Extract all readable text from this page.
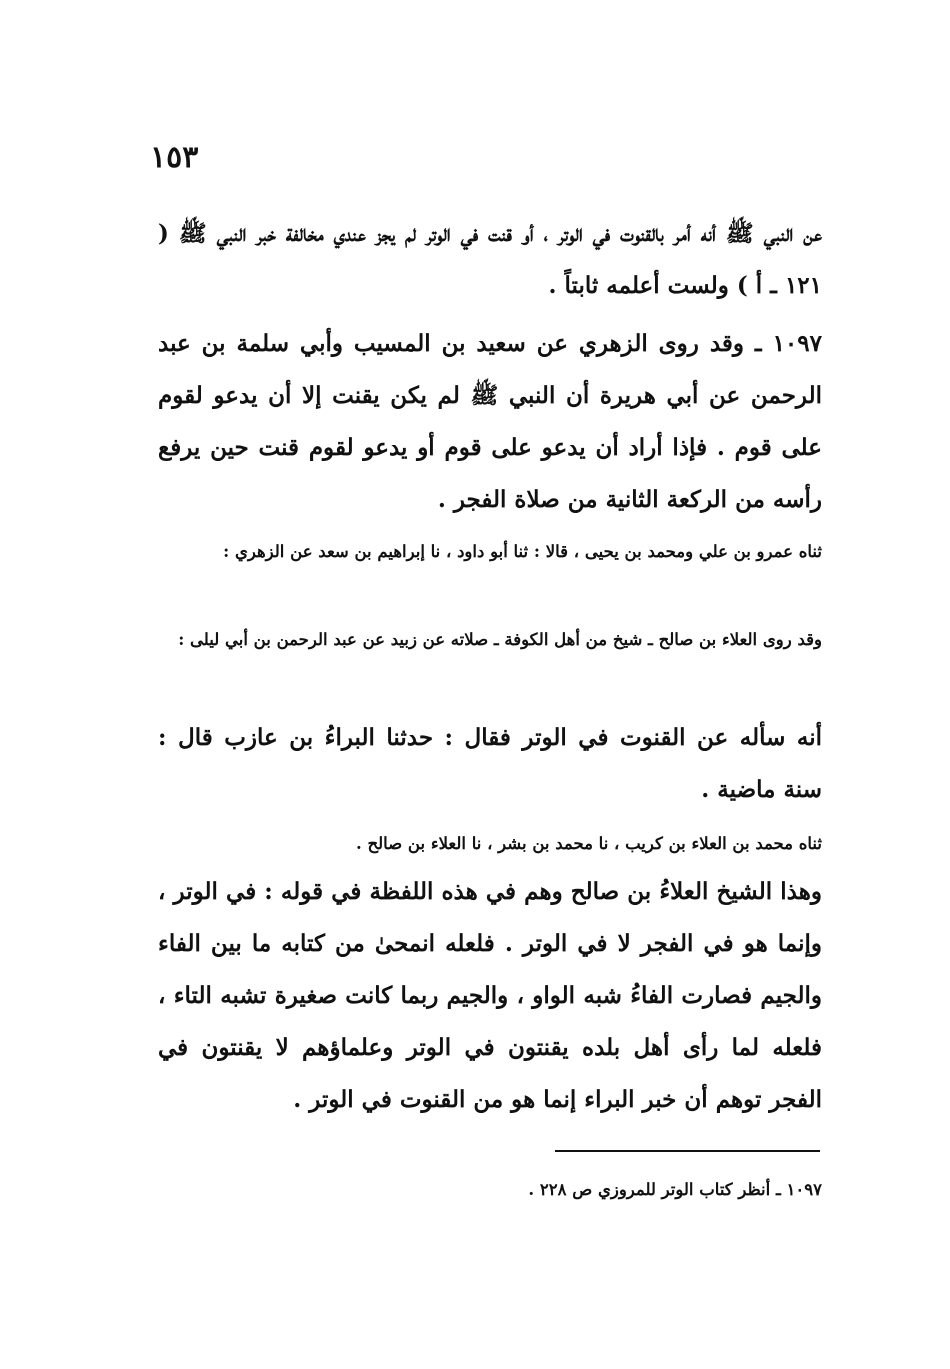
١٥٣

عن النبي ﷺ أنه أمر بالقنوت في الوتر ، أو قنت في الوتر لم يجز عندي مخالفة خبر النبي ﷺ ( ١٢١ ـ أ ) ولست أعلمه ثابتاً .

١٠٩٧ ـ وقد روى الزهري عن سعيد بن المسيب وأبي سلمة بن عبد الرحمن عن أبي هريرة أن النبي ﷺ لم يكن يقنت إلا أن يدعو لقوم على قوم . فإذا أراد أن يدعو على قوم أو يدعو لقوم قنت حين يرفع رأسه من الركعة الثانية من صلاة الفجر .

ثناه عمرو بن علي ومحمد بن يحيى ، قالا : ثنا أبو داود ، نا إبراهيم بن سعد عن الزهري :

وقد روى العلاء بن صالح ـ شيخ من أهل الكوفة ـ صلاته عن زبيد عن عبد الرحمن بن أبي ليلى :

أنه سأله عن القنوت في الوتر فقال : حدثنا البراءُ بن عازب قال : سنة ماضية .

ثناه محمد بن العلاء بن كريب ، نا محمد بن بشر ، نا العلاء بن صالح .

وهذا الشيخ العلاءُ بن صالح وهم في هذه اللفظة في قوله : في الوتر ، وإنما هو في الفجر لا في الوتر . فلعله انمحىٰ من كتابه ما بين الفاء والجيم فصارت الفاءُ شبه الواو ، والجيم ربما كانت صغيرة تشبه التاء ، فلعله لما رأى أهل بلده يقنتون في الوتر وعلماؤهم لا يقنتون في الفجر توهم أن خبر البراء إنما هو من القنوت في الوتر .

١٠٩٧ ـ أنظر كتاب الوتر للمروزي ص ٢٢٨ .
